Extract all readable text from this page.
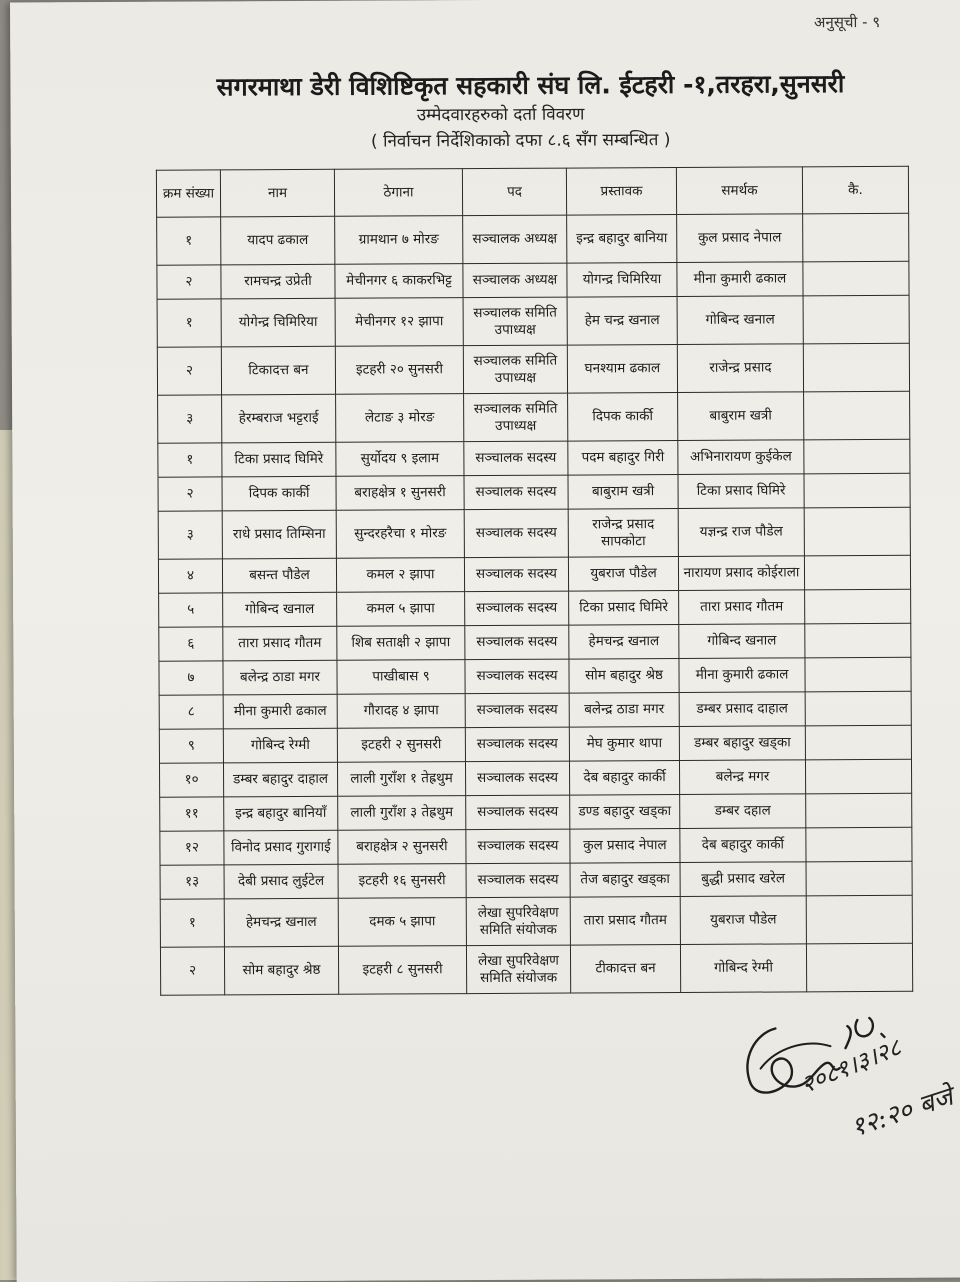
अनुसूची - ९
सगरमाथा डेरी विशिष्टिकृत सहकारी संघ लि. ईटहरी -१,तरहरा,सुनसरी
उम्मेदवारहरुको दर्ता विवरण
( निर्वाचन निर्देशिकाको दफा ८.६ सँग सम्बन्धित )
क्रम संख्या	नाम	ठेगाना	पद	प्रस्तावक	समर्थक	कै.
१	यादप ढकाल	ग्रामथान ७ मोरङ	सञ्चालक अध्यक्ष	इन्द्र बहादुर बानिया	कुल प्रसाद नेपाल	
२	रामचन्द्र उप्रेती	मेचीनगर ६ काकरभिट्ट	सञ्चालक अध्यक्ष	योगन्द्र चिमिरिया	मीना कुमारी ढकाल	
१	योगेन्द्र चिमिरिया	मेचीनगर १२ झापा	सञ्चालक समिति उपाध्यक्ष	हेम चन्द्र खनाल	गोबिन्द खनाल	
२	टिकादत्त बन	इटहरी २० सुनसरी	सञ्चालक समिति उपाध्यक्ष	घनश्याम ढकाल	राजेन्द्र प्रसाद	
३	हेरम्बराज भट्टराई	लेटाङ ३ मोरङ	सञ्चालक समिति उपाध्यक्ष	दिपक कार्की	बाबुराम खत्री	
१	टिका प्रसाद घिमिरे	सुर्योदय ९ इलाम	सञ्चालक सदस्य	पदम बहादुर गिरी	अभिनारायण कुईकेल	
२	दिपक कार्की	बराहक्षेत्र १ सुनसरी	सञ्चालक सदस्य	बाबुराम खत्री	टिका प्रसाद घिमिरे	
३	राधे प्रसाद तिम्सिना	सुन्दरहरैचा १ मोरङ	सञ्चालक सदस्य	राजेन्द्र प्रसाद सापकोटा	यज्ञन्द्र राज पौडेल	
४	बसन्त पौडेल	कमल २ झापा	सञ्चालक सदस्य	युबराज पौडेल	नारायण प्रसाद कोईराला	
५	गोबिन्द खनाल	कमल ५ झापा	सञ्चालक सदस्य	टिका प्रसाद घिमिरे	तारा प्रसाद गौतम	
६	तारा प्रसाद गौतम	शिब सताक्षी २ झापा	सञ्चालक सदस्य	हेमचन्द्र खनाल	गोबिन्द खनाल	
७	बलेन्द्र ठाडा मगर	पाखीबास ९	सञ्चालक सदस्य	सोम बहादुर श्रेष्ठ	मीना कुमारी ढकाल	
८	मीना कुमारी ढकाल	गौरादह ४ झापा	सञ्चालक सदस्य	बलेन्द्र ठाडा मगर	डम्बर प्रसाद दाहाल	
९	गोबिन्द रेग्मी	इटहरी २ सुनसरी	सञ्चालक सदस्य	मेघ कुमार थापा	डम्बर बहादुर खड्का	
१०	डम्बर बहादुर दाहाल	लाली गुराँश १ तेह्रथुम	सञ्चालक सदस्य	देब बहादुर कार्की	बलेन्द्र मगर	
११	इन्द्र बहादुर बानियाँ	लाली गुराँश ३ तेह्रथुम	सञ्चालक सदस्य	डण्ड बहादुर खड्का	डम्बर दहाल	
१२	विनोद प्रसाद गुरागाई	बराहक्षेत्र २ सुनसरी	सञ्चालक सदस्य	कुल प्रसाद नेपाल	देब बहादुर कार्की	
१३	देबी प्रसाद लुईटेल	इटहरी १६ सुनसरी	सञ्चालक सदस्य	तेज बहादुर खड्का	बुद्धी प्रसाद खरेल	
१	हेमचन्द्र खनाल	दमक ५ झापा	लेखा सुपरिवेक्षण समिति संयोजक	तारा प्रसाद गौतम	युबराज पौडेल	
२	सोम बहादुर श्रेष्ठ	इटहरी ८ सुनसरी	लेखा सुपरिवेक्षण समिति संयोजक	टीकादत्त बन	गोबिन्द रेग्मी	
२०८१।३।२८
१२:२० बजे
